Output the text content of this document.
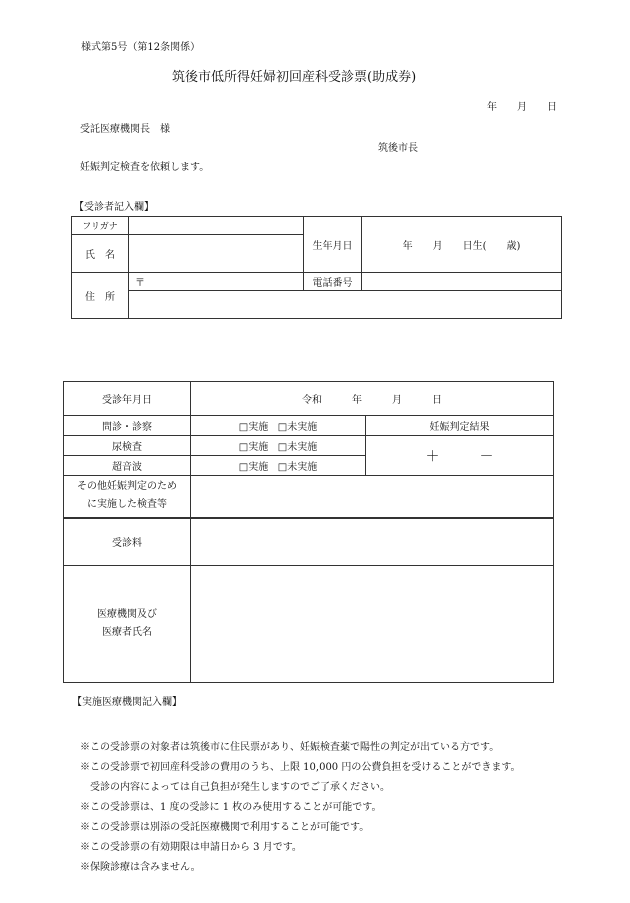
様式第5号（第12条関係）
筑後市低所得妊婦初回産科受診票(助成券)
年　　月　　日
受託医療機関長　様
筑後市長
妊娠判定検査を依頼します。
【受診者記入欄】
フリガナ		生年月日	年　　月　　日生(　　歳)
氏　名			
住　所	〒	電話番号	

受診年月日	令和　　　年　　　月　　　日	
問診・診察	□実施 □未実施	妊娠判定結果
尿検査	□実施 □未実施	＋ －
超音波	□実施 □未実施	

その他妊娠判定のため
に実施した検査等		

受診料		

医療機関及び
医療者氏名		

【実施医療機関記入欄】
※この受診票の対象者は筑後市に住民票があり、妊娠検査薬で陽性の判定が出ている方です。
※この受診票で初回産科受診の費用のうち、上限 10,000 円の公費負担を受けることができます。
　受診の内容によっては自己負担が発生しますのでご了承ください。
※この受診票は、1 度の受診に 1 枚のみ使用することが可能です。
※この受診票は別添の受託医療機関で利用することが可能です。
※この受診票の有効期限は申請日から 3 月です。
※保険診療は含みません。
